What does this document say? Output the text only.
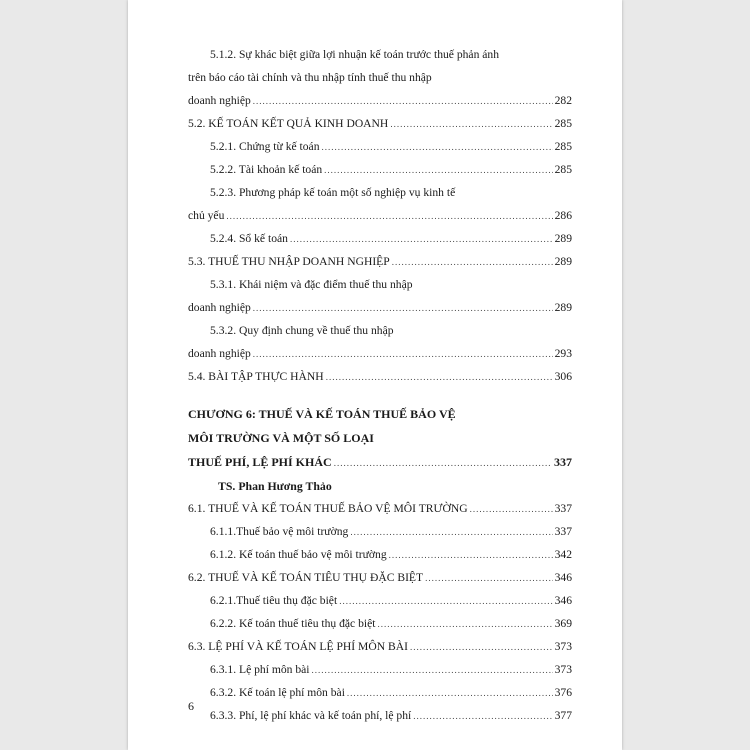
5.1.2. Sự khác biệt giữa lợi nhuận kế toán trước thuế phản ánh
trên báo cáo tài chính và thu nhập tính thuế thu nhập
doanh nghiệp .....	282
5.2. KẾ TOÁN KẾT QUẢ KINH DOANH .....	285
5.2.1. Chứng từ kế toán .....	285
5.2.2. Tài khoản kế toán .....	285
5.2.3. Phương pháp kế toán một số nghiệp vụ kinh tế
chủ yếu .....	286
5.2.4. Sổ kế toán .....	289
5.3. THUẾ THU NHẬP DOANH NGHIỆP .....	289
5.3.1. Khái niệm và đặc điểm thuế thu nhập
doanh nghiệp .....	289
5.3.2. Quy định chung về thuế thu nhập
doanh nghiệp .....	293
5.4. BÀI TẬP THỰC HÀNH .....	306
CHƯƠNG 6: THUẾ VÀ KẾ TOÁN THUẾ BẢO VỆ
MÔI TRƯỜNG VÀ MỘT SỐ LOẠI
THUẾ PHÍ, LỆ PHÍ KHÁC .....	337
TS. Phan Hương Thảo
6.1. THUẾ VÀ KẾ TOÁN THUẾ BẢO VỆ MÔI TRƯỜNG .....	337
6.1.1.Thuế bảo vệ môi trường .....	337
6.1.2. Kế toán thuế bảo vệ môi trường .....	342
6.2. THUẾ VÀ KẾ TOÁN TIÊU THỤ ĐẶC BIỆT .....	346
6.2.1.Thuế tiêu thụ đặc biệt .....	346
6.2.2. Kế toán thuế tiêu thụ đặc biệt .....	369
6.3. LỆ PHÍ VÀ KẾ TOÁN LỆ PHÍ MÔN BÀI .....	373
6.3.1. Lệ phí môn bài .....	373
6.3.2. Kế toán lệ phí môn bài .....	376
6.3.3. Phí, lệ phí khác và kế toán phí, lệ phí .....	377
6
